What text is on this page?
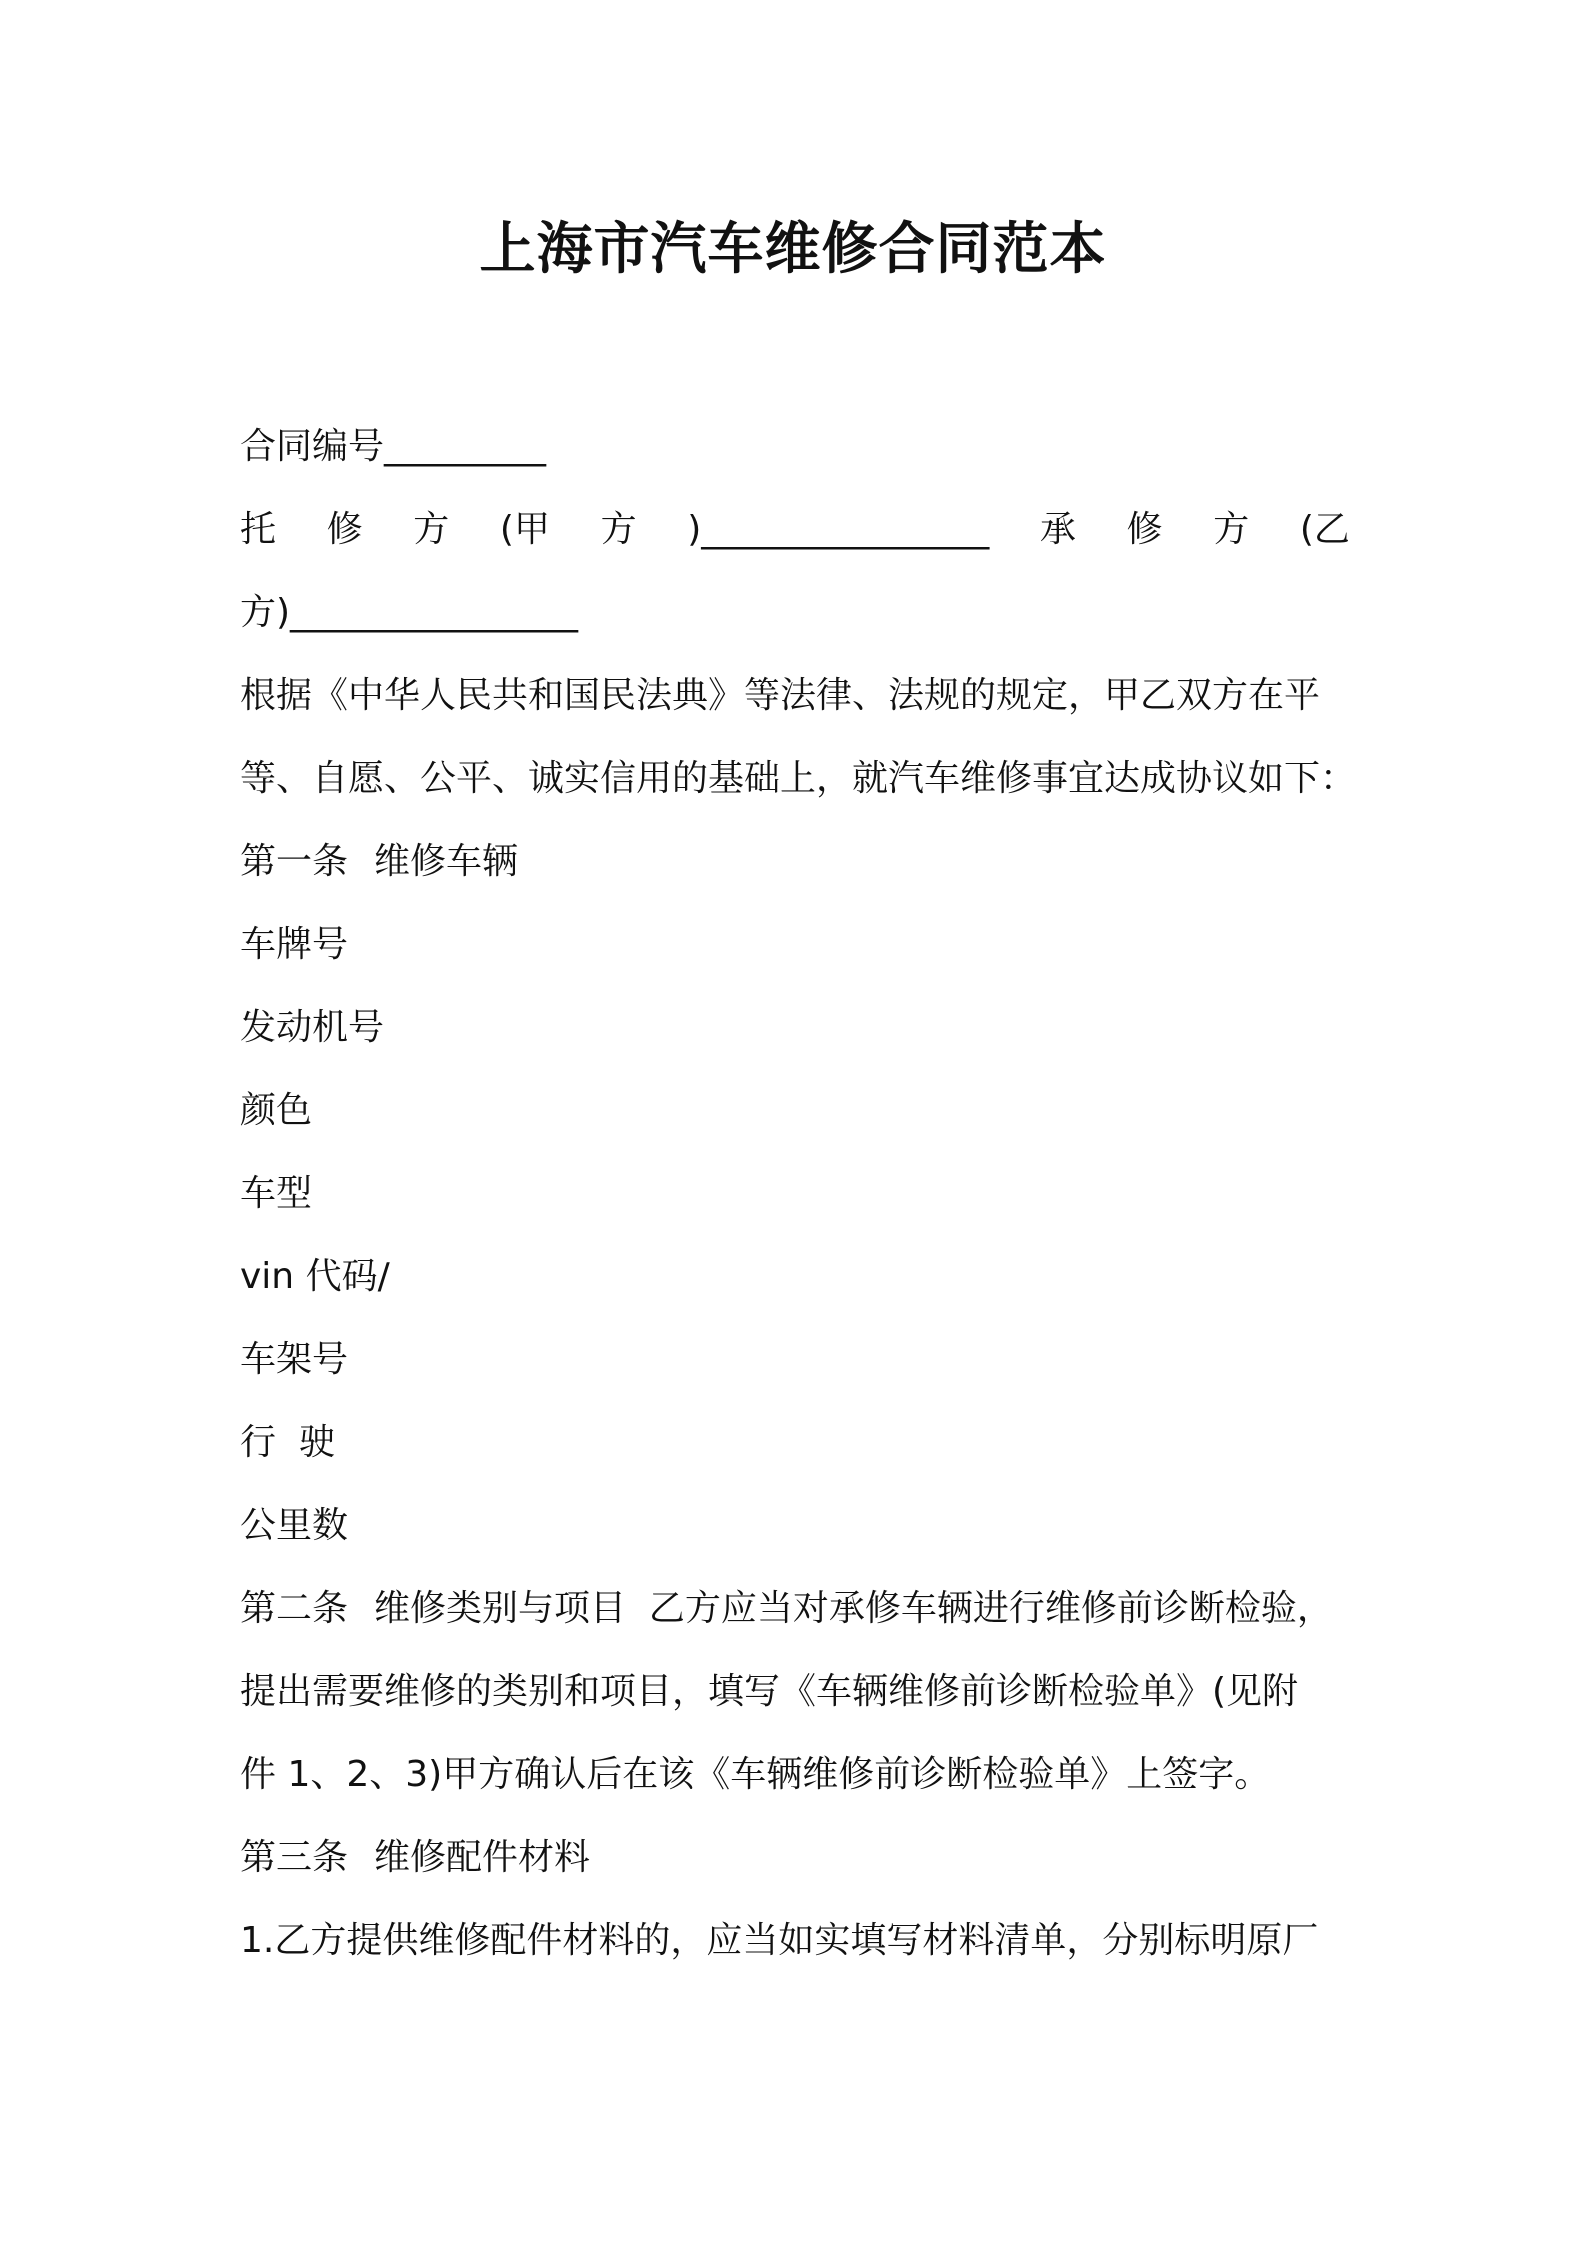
上海市汽车维修合同范本
合同编号_________
托 修 方 (甲 方 )________________ 承 修 方 (乙
方)________________
根据《中华人民共和国民法典》等法律、法规的规定，甲乙双方在平
等、自愿、公平、诚实信用的基础上，就汽车维修事宜达成协议如下：
第一条 维修车辆
车牌号
发动机号
颜色
车型
vin 代码/
车架号
行  驶
公里数
第二条 维修类别与项目  乙方应当对承修车辆进行维修前诊断检验，
提出需要维修的类别和项目，填写《车辆维修前诊断检验单》(见附
件 1、2、3)甲方确认后在该《车辆维修前诊断检验单》上签字。
第三条 维修配件材料
1.乙方提供维修配件材料的，应当如实填写材料清单，分别标明原厂
